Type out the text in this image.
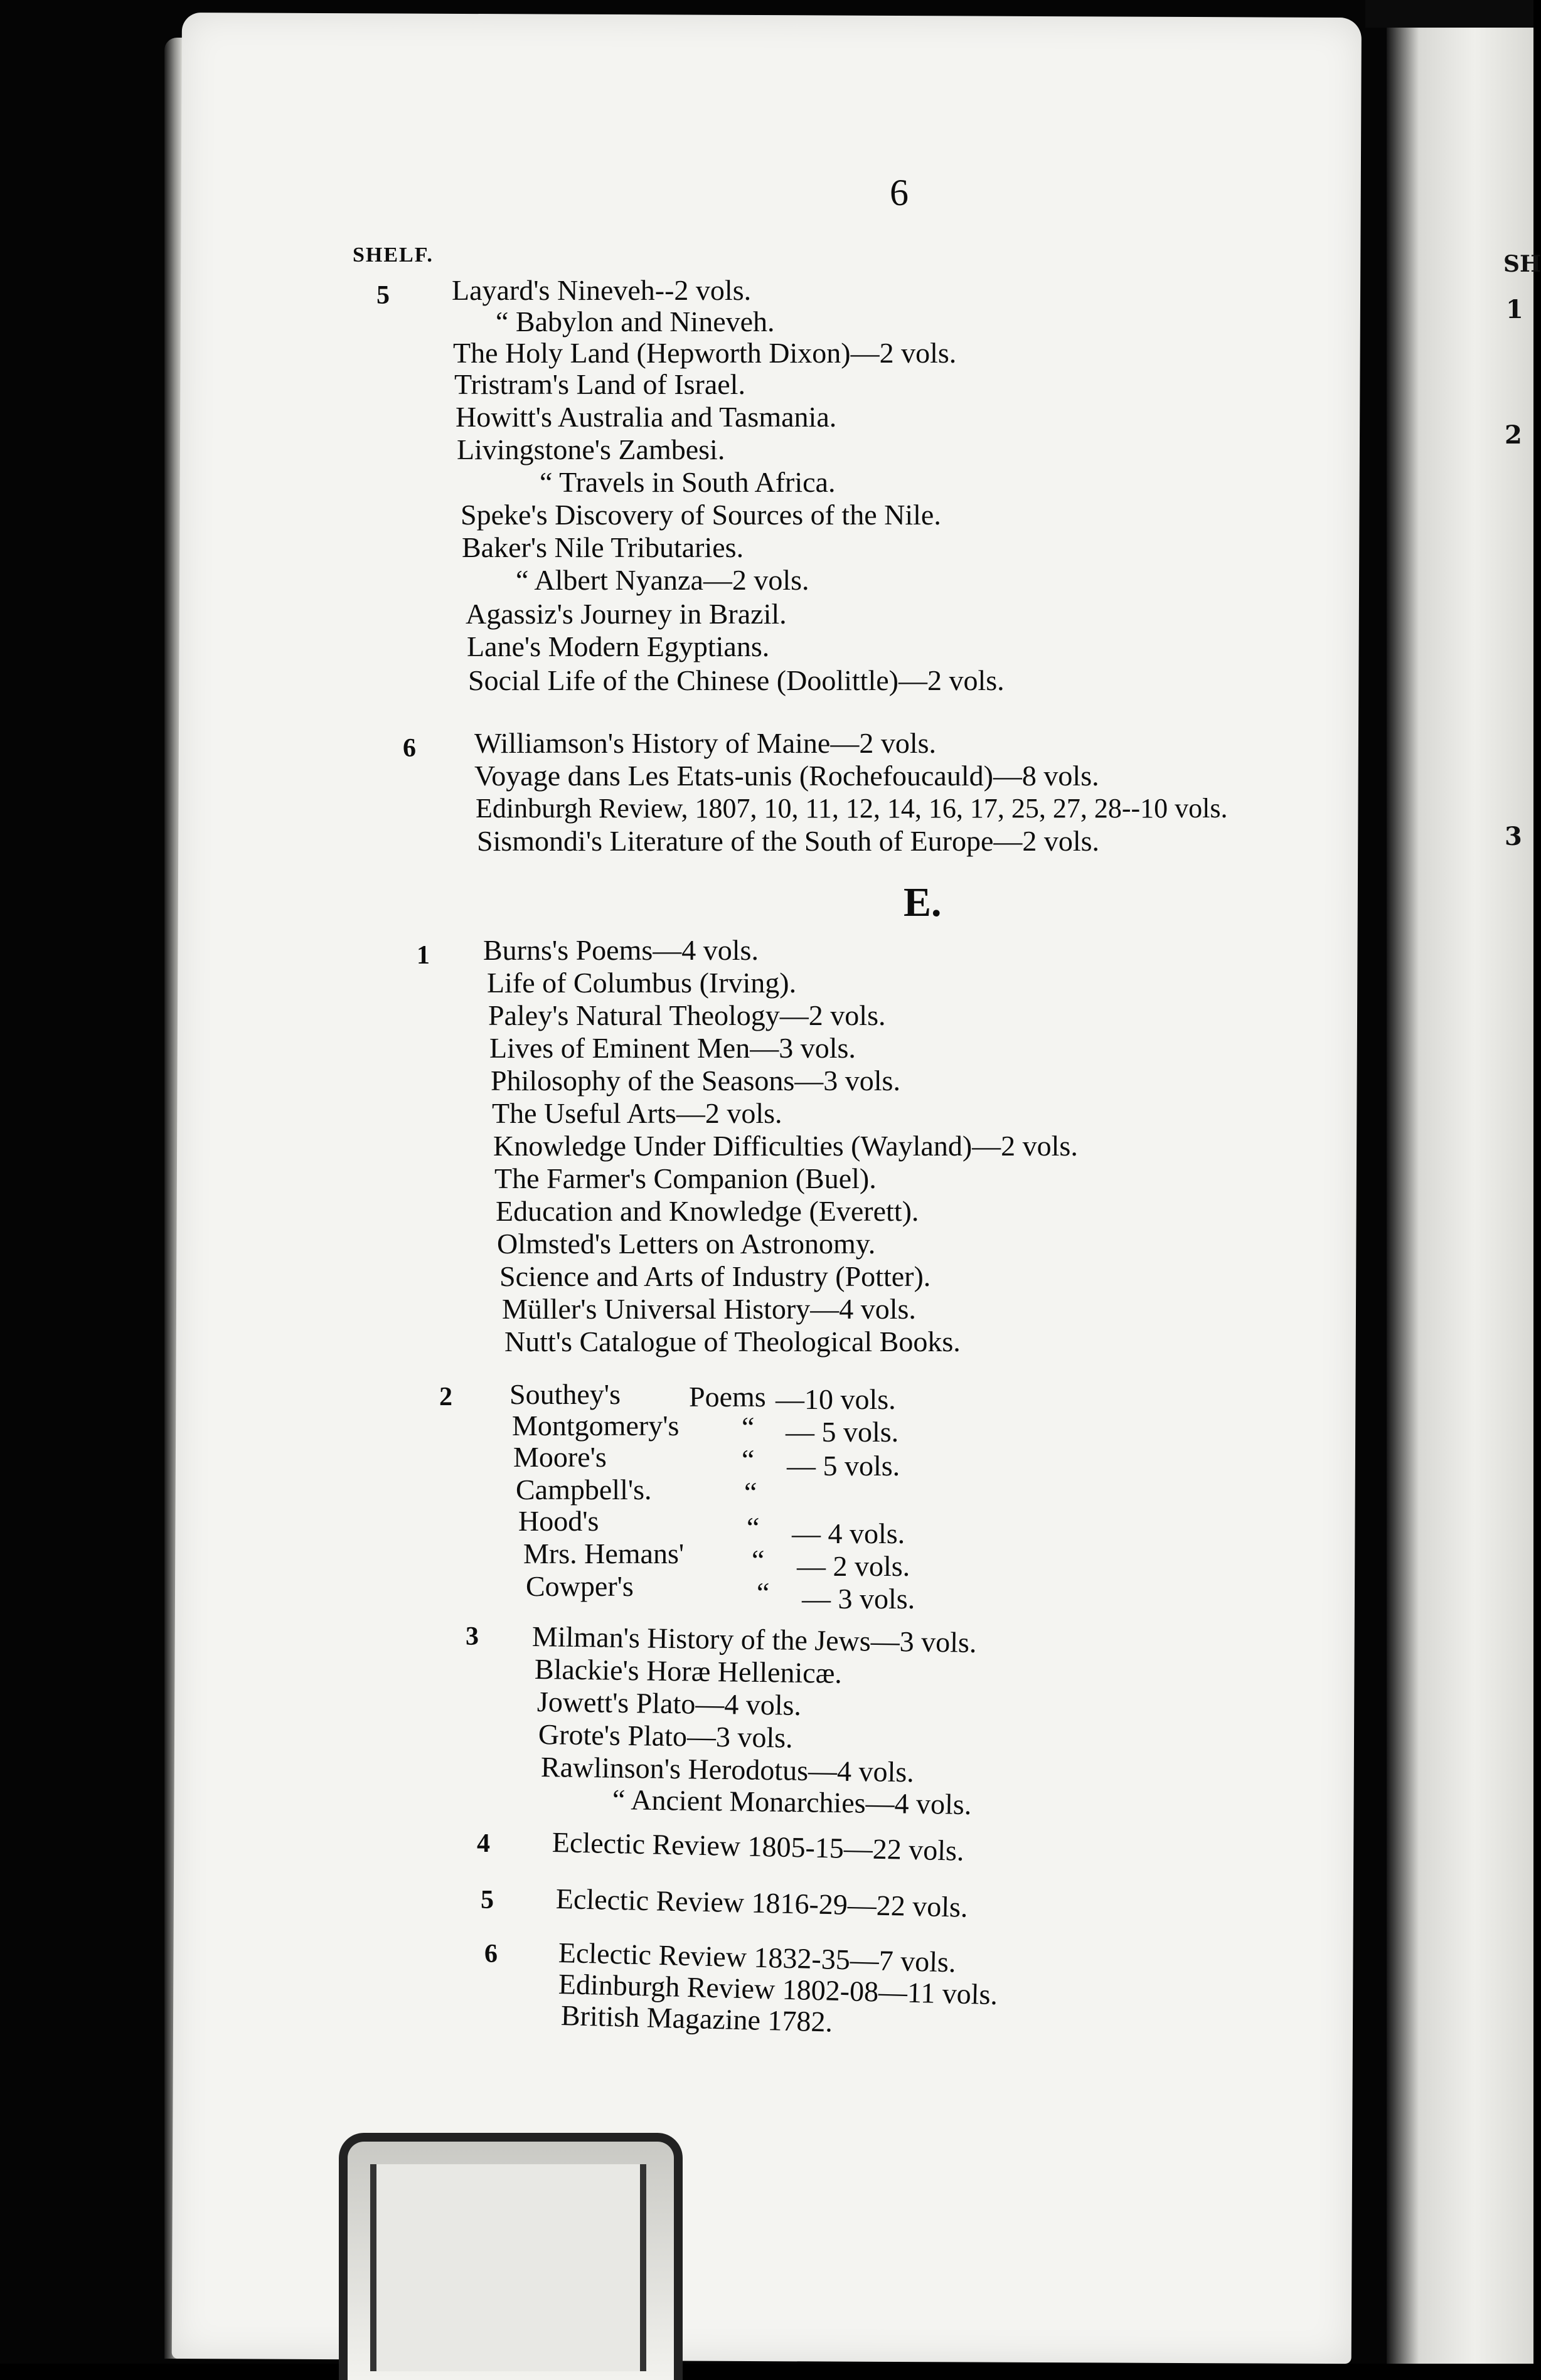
6

SHELF.

5 Layard's Nineveh--2 vols.

“ Babylon and Nineveh.

The Holy Land (Hepworth Dixon)—2 vols.

Tristram's Land of Israel.

Howitt's Australia and Tasmania.

Livingstone's Zambesi.

“ Travels in South Africa.

Speke's Discovery of Sources of the Nile.

Baker's Nile Tributaries.

“ Albert Nyanza—2 vols.

Agassiz's Journey in Brazil.

Lane's Modern Egyptians.

Social Life of the Chinese (Doolittle)—2 vols.

6 Williamson's History of Maine—2 vols.

Voyage dans Les Etats-unis (Rochefoucauld)—8 vols.

Edinburgh Review, 1807, 10, 11, 12, 14, 16, 17, 25, 27, 28--10 vols.

Sismondi's Literature of the South of Europe—2 vols.

E.

1 Burns's Poems—4 vols.

Life of Columbus (Irving).

Paley's Natural Theology—2 vols.

Lives of Eminent Men—3 vols.

Philosophy of the Seasons—3 vols.

The Useful Arts—2 vols.

Knowledge Under Difficulties (Wayland)—2 vols.

The Farmer's Companion (Buel).

Education and Knowledge (Everett).

Olmsted's Letters on Astronomy.

Science and Arts of Industry (Potter).

Müller's Universal History—4 vols.

Nutt's Catalogue of Theological Books.

2 Southey's Poems —10 vols.

Montgomery's “ — 5 vols.

Moore's	“ — 5 vols.

Campbell's.	“

Hood's	“ — 4 vols.

Mrs. Hemans' “ — 2 vols.

Cowper's	“ — 3 vols.

3 Milman's History of the Jews—3 vols.

Blackie's Horæ Hellenicæ.

Jowett's Plato—4 vols.

Grote's Plato—3 vols.

Rawlinson's Herodotus—4 vols.

“ Ancient Monarchies—4 vols.

4 Eclectic Review 1805-15—22 vols.

5 Eclectic Review 1816-29—22 vols.

6 Eclectic Review 1832-35—7 vols.

Edinburgh Review 1802-08—11 vols.

British Magazine 1782.

SH

1

2

3
